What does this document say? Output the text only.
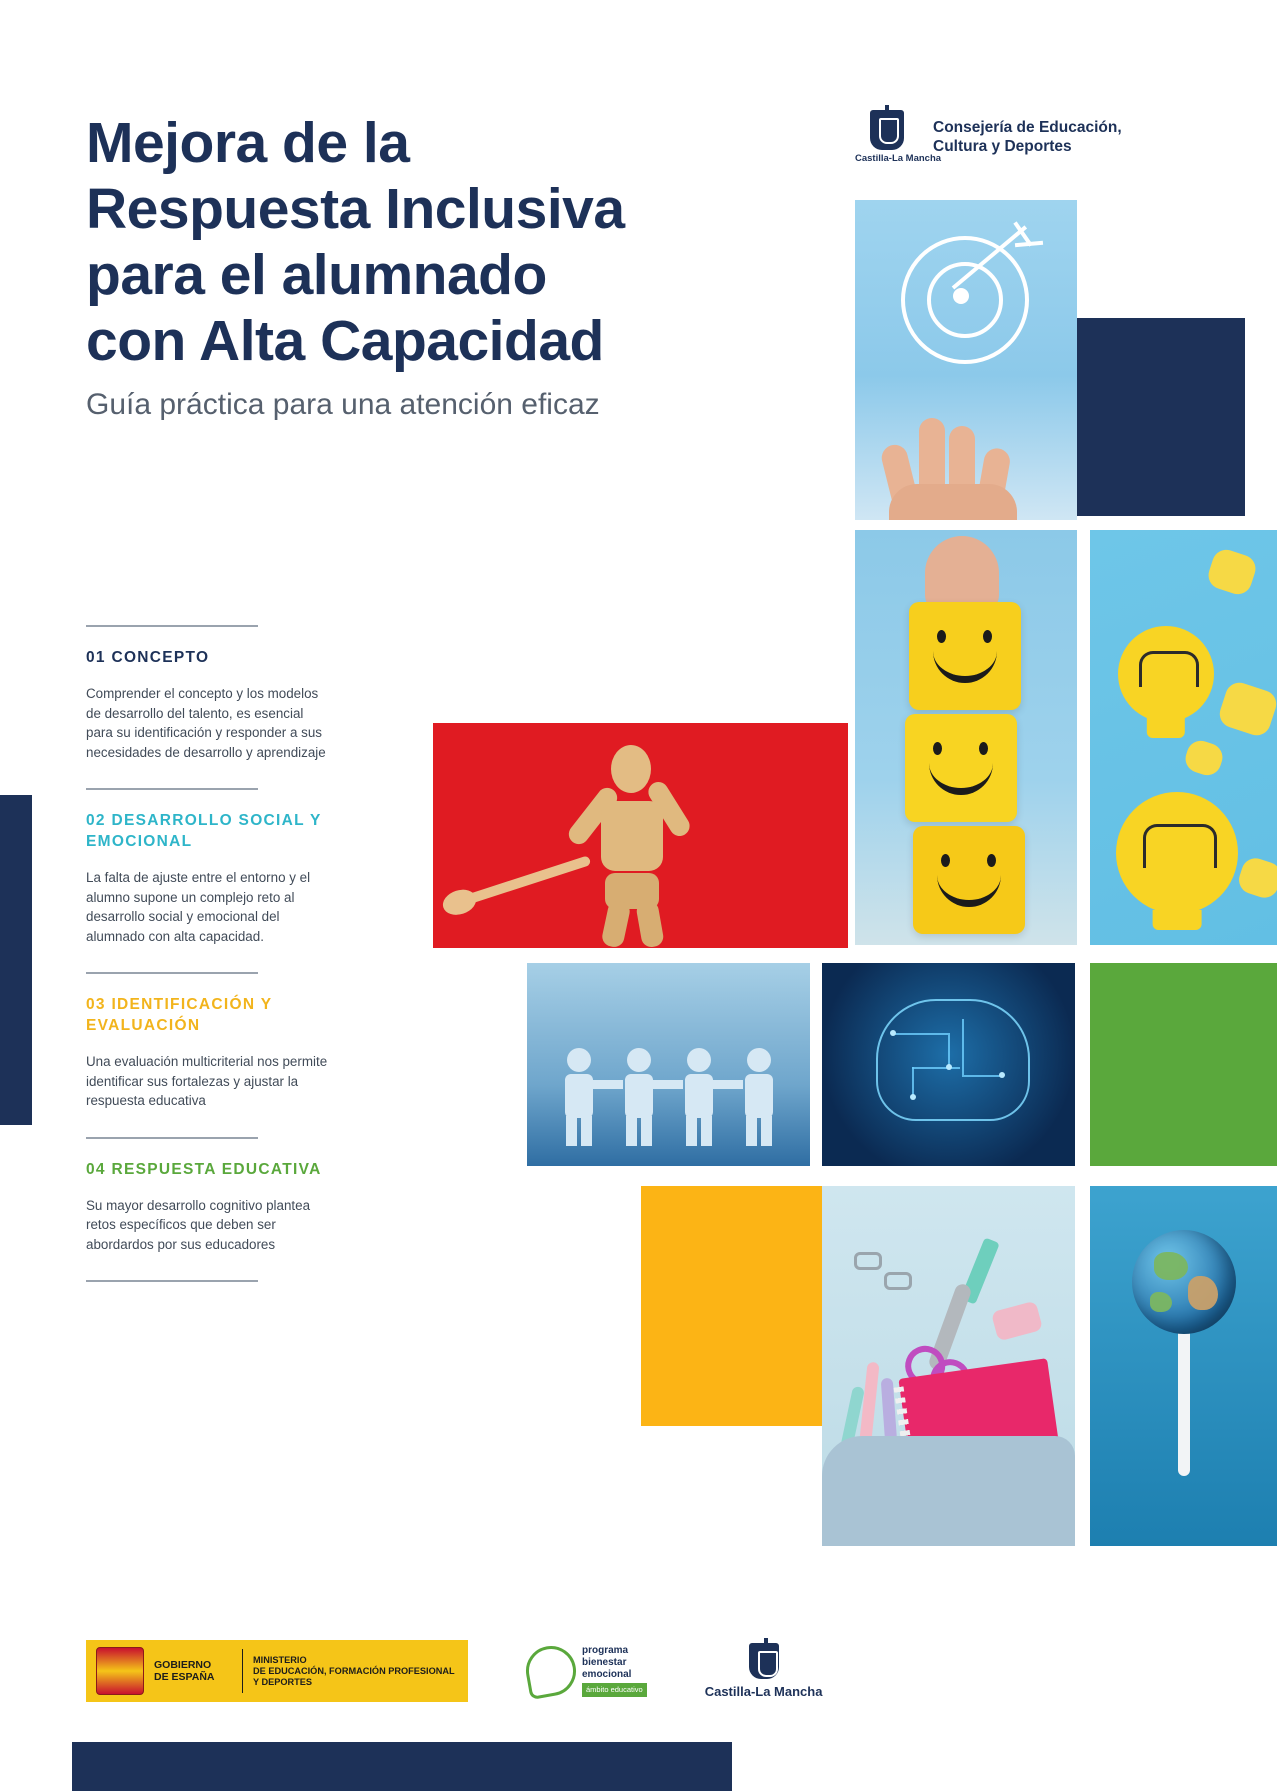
Mejora de la
Respuesta Inclusiva
para el alumnado
con Alta Capacidad
Guía práctica para una atención eficaz
Castilla-La Mancha
Consejería de Educación,
Cultura y Deportes
01 CONCEPTO
Comprender el concepto y los modelos de desarrollo del talento, es esencial para su identificación y responder a sus necesidades de desarrollo y aprendizaje
02 DESARROLLO SOCIAL Y EMOCIONAL
La falta de ajuste entre el entorno y el alumno supone un complejo reto al desarrollo social y emocional del alumnado con alta capacidad.
03 IDENTIFICACIÓN Y EVALUACIÓN
Una evaluación multicriterial nos permite identificar sus fortalezas y ajustar la respuesta educativa
04 RESPUESTA EDUCATIVA
Su mayor desarrollo cognitivo plantea retos específicos que deben ser abordardos por sus educadores
GOBIERNO
DE ESPAÑA
MINISTERIO
DE EDUCACIÓN, FORMACIÓN PROFESIONAL
Y DEPORTES
programa
bienestar
emocional
ámbito educativo	Castilla-La Mancha
